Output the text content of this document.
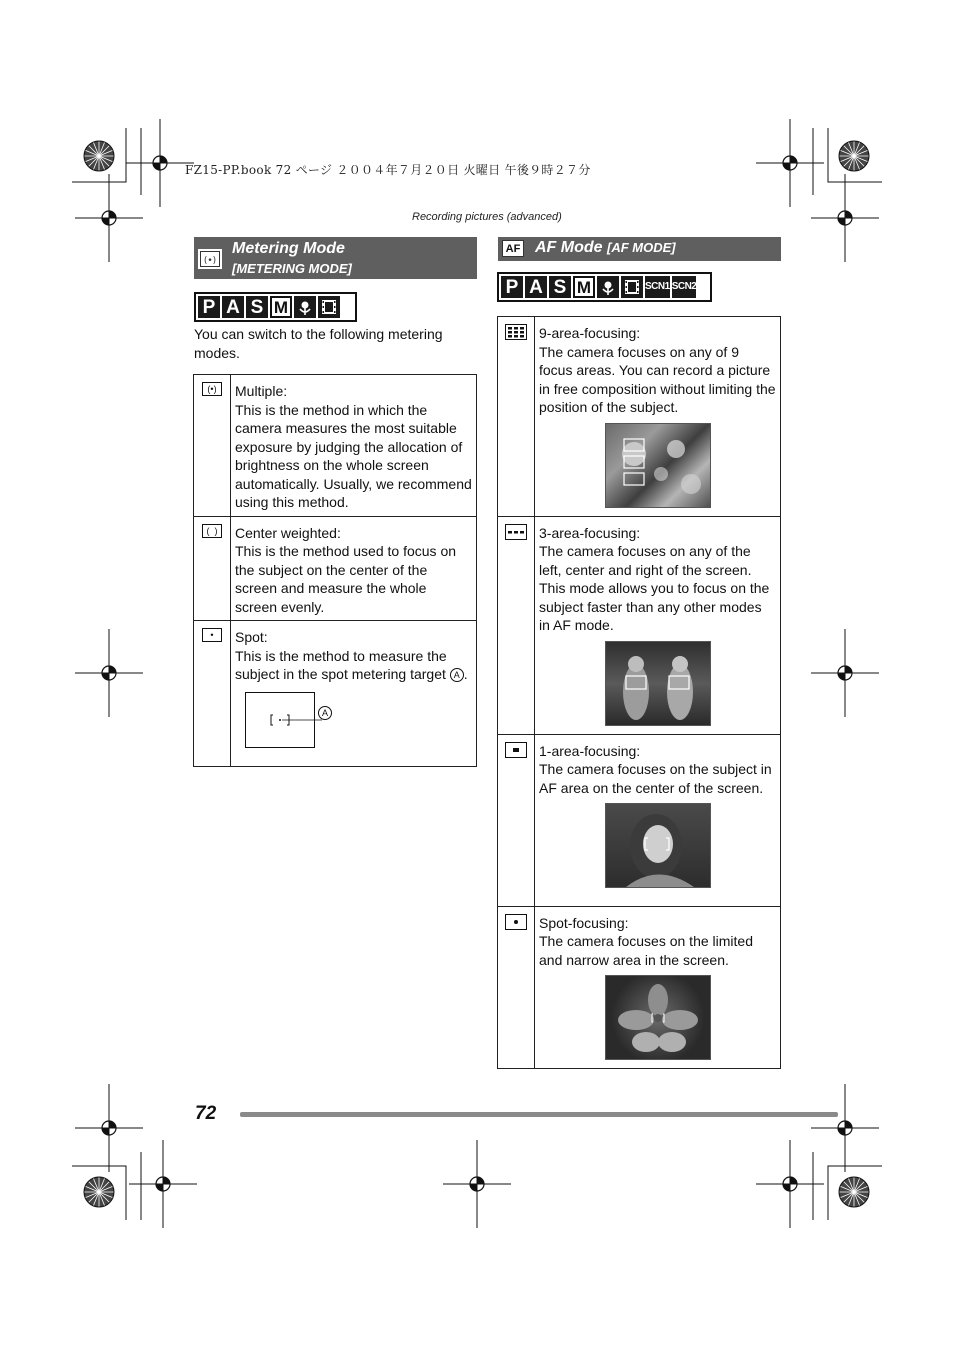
FZ15-PP.book 72 ページ ２００４年７月２０日 火曜日 午後９時２７分
Recording pictures (advanced)
(•)
Metering Mode
[METERING MODE]
P A S M
You can switch to the following metering modes.
(•)	Multiple:
This is the method in which the camera measures the most suitable exposure by judging the allocation of brightness on the whole screen automatically. Usually, we recommend using this method.

(  )	Center weighted:
This is the method used to focus on the subject on the center of the screen and measure the whole screen evenly.

•	Spot:
This is the method to measure the subject in the spot metering target A .
A
AF AF Mode [AF MODE]
P A S M	SCN1 SCN2

9-area-focusing:
The camera focuses on any of 9 focus areas. You can record a picture in free composition without limiting the position of the subject.

3-area-focusing:
The camera focuses on any of the left, center and right of the screen. This mode allows you to focus on the subject faster than any other modes in AF mode.

1-area-focusing:
The camera focuses on the subject in AF area on the center of the screen.

Spot-focusing:
The camera focuses on the limited and narrow area in the screen.
72
